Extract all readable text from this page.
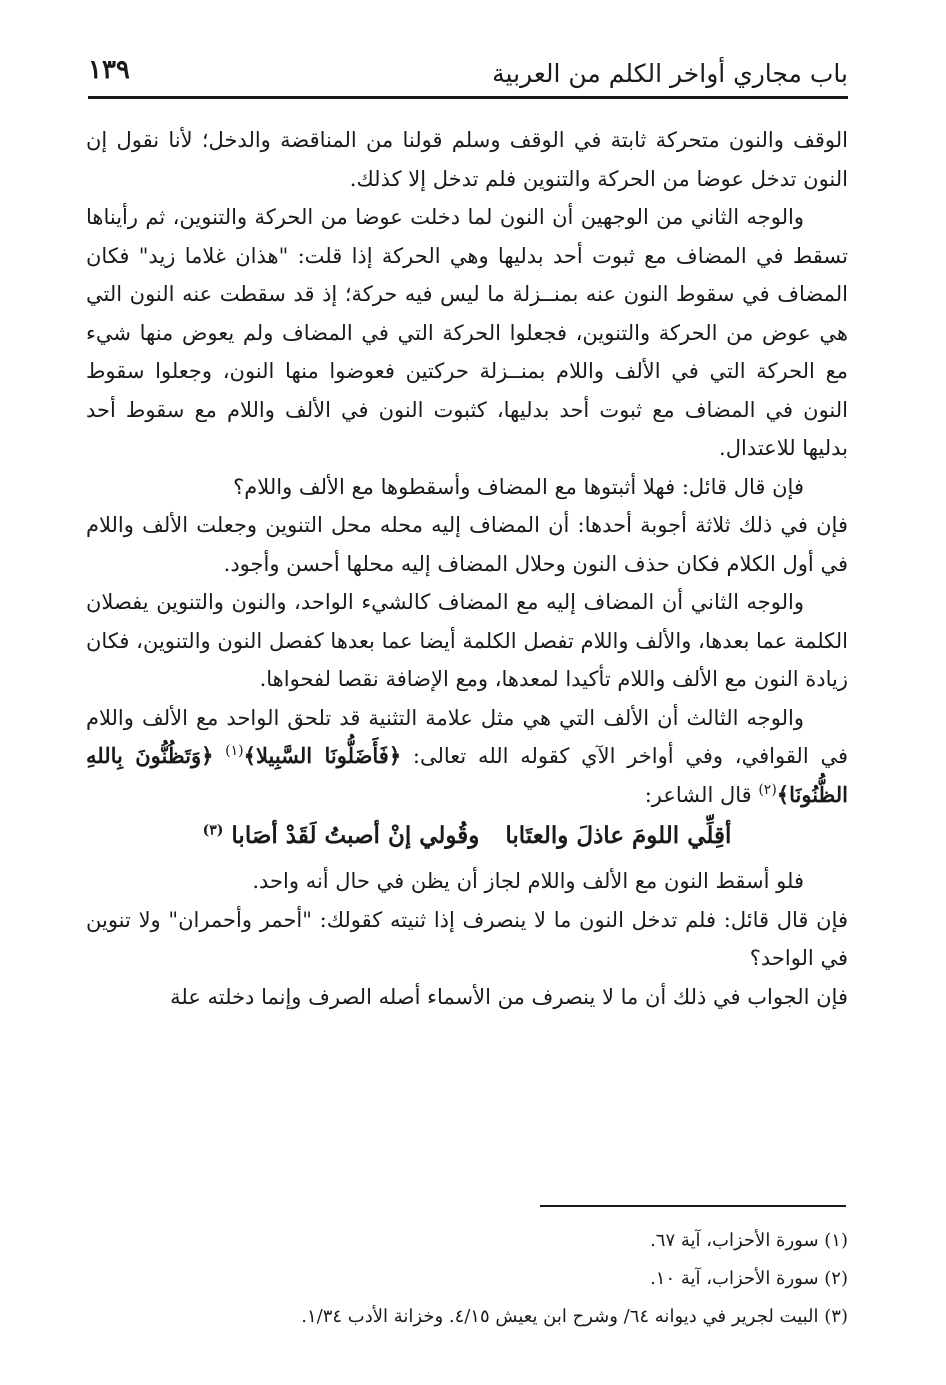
باب مجاري أواخر الكلم من العربية
١٣٩

الوقف والنون متحركة ثابتة في الوقف وسلم قولنا من المناقضة والدخل؛ لأنا نقول إن النون تدخل عوضا من الحركة والتنوين فلم تدخل إلا كذلك.

والوجه الثاني من الوجهين أن النون لما دخلت عوضا من الحركة والتنوين، ثم رأيناها تسقط في المضاف مع ثبوت أحد بدليها وهي الحركة إذا قلت: "هذان غلاما زيد" فكان المضاف في سقوط النون عنه بمنــزلة ما ليس فيه حركة؛ إذ قد سقطت عنه النون التي هي عوض من الحركة والتنوين، فجعلوا الحركة التي في المضاف ولم يعوض منها شيء مع الحركة التي في الألف واللام بمنــزلة حركتين فعوضوا منها النون، وجعلوا سقوط النون في المضاف مع ثبوت أحد بدليها، كثبوت النون في الألف واللام مع سقوط أحد بدليها للاعتدال.

فإن قال قائل: فهلا أثبتوها مع المضاف وأسقطوها مع الألف واللام؟

فإن في ذلك ثلاثة أجوبة أحدها: أن المضاف إليه محله محل التنوين وجعلت الألف واللام في أول الكلام فكان حذف النون وحلال المضاف إليه محلها أحسن وأجود.

والوجه الثاني أن المضاف إليه مع المضاف كالشيء الواحد، والنون والتنوين يفصلان الكلمة عما بعدها، والألف واللام تفصل الكلمة أيضا عما بعدها كفصل النون والتنوين، فكان زيادة النون مع الألف واللام تأكيدا لمعدها، ومع الإضافة نقصا لفحواها.

والوجه الثالث أن الألف التي هي مثل علامة التثنية قد تلحق الواحد مع الألف واللام في القوافي، وفي أواخر الآي كقوله الله تعالى: ﴿فَأَضَلُّونَا السَّبِيلا﴾$^{(١)}$ ﴿وَتَظُنُّونَ بِاللهِ الظُّنُونَا﴾$^{(٢)}$ قال الشاعر:

أقِلِّي اللومَ عاذلَ والعتَاباوقُولي إنْ أصبتُ لَقَدْ أصَابا $^{(٣)}$

فلو أسقط النون مع الألف واللام لجاز أن يظن في حال أنه واحد.

فإن قال قائل: فلم تدخل النون ما لا ينصرف إذا ثنيته كقولك: "أحمر وأحمران" ولا تنوين في الواحد؟

فإن الجواب في ذلك أن ما لا ينصرف من الأسماء أصله الصرف وإنما دخلته علة

(١) سورة الأحزاب، آية ٦٧.

(٢) سورة الأحزاب، آية ١٠.

(٣) البيت لجرير في ديوانه ٦٤/ وشرح ابن يعيش ٤/١٥. وخزانة الأدب ١/٣٤.
